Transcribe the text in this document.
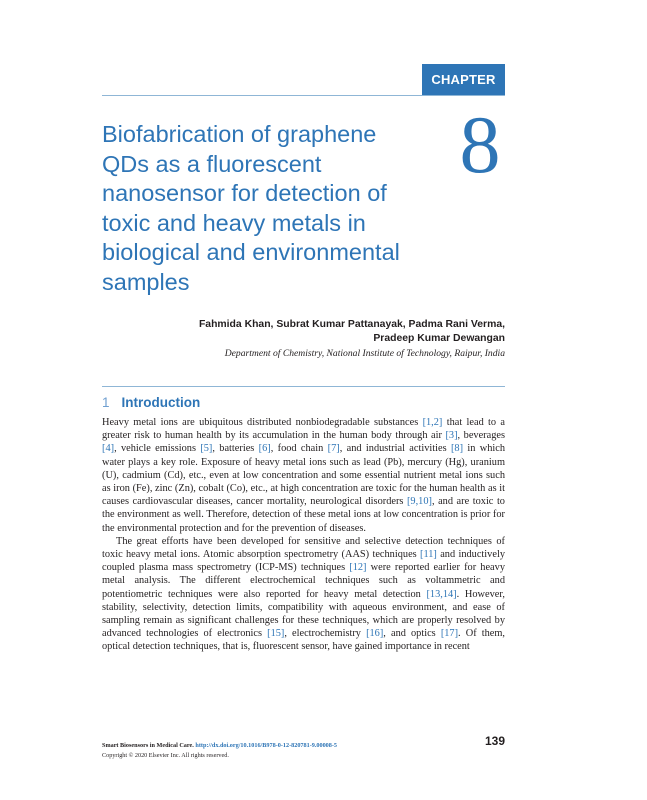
CHAPTER
8
Biofabrication of graphene QDs as a fluorescent nanosensor for detection of toxic and heavy metals in biological and environmental samples
Fahmida Khan, Subrat Kumar Pattanayak, Padma Rani Verma,
Pradeep Kumar Dewangan
Department of Chemistry, National Institute of Technology, Raipur, India
1 Introduction

Heavy metal ions are ubiquitous distributed nonbiodegradable substances [1,2] that lead to a greater risk to human health by its accumulation in the human body through air [3], beverages [4], vehicle emissions [5], batteries [6], food chain [7], and industrial activities [8] in which water plays a key role. Exposure of heavy metal ions such as lead (Pb), mercury (Hg), uranium (U), cadmium (Cd), etc., even at low concentration and some essential nutrient metal ions such as iron (Fe), zinc (Zn), cobalt (Co), etc., at high concentration are toxic for the human health as it causes cardiovascular diseases, cancer mortality, neurological disorders [9,10], and are toxic to the environment as well. Therefore, detection of these metal ions at low concentration is prior for the environmental protection and for the prevention of diseases.

The great efforts have been developed for sensitive and selective detection techniques of toxic heavy metal ions. Atomic absorption spectrometry (AAS) techniques [11] and inductively coupled plasma mass spectrometry (ICP-MS) techniques [12] were reported earlier for heavy metal analysis. The different electrochemical techniques such as voltammetric and potentiometric techniques were also reported for heavy metal detection [13,14]. However, stability, selectivity, detection limits, compatibility with aqueous environment, and ease of sampling remain as significant challenges for these techniques, which are properly resolved by advanced technologies of electronics [15], electrochemistry [16], and optics [17]. Of them, optical detection techniques, that is, fluorescent sensor, have gained importance in recent

Smart Biosensors in Medical Care. http://dx.doi.org/10.1016/B978-0-12-820781-9.00008-5
Copyright © 2020 Elsevier Inc. All rights reserved.
139
